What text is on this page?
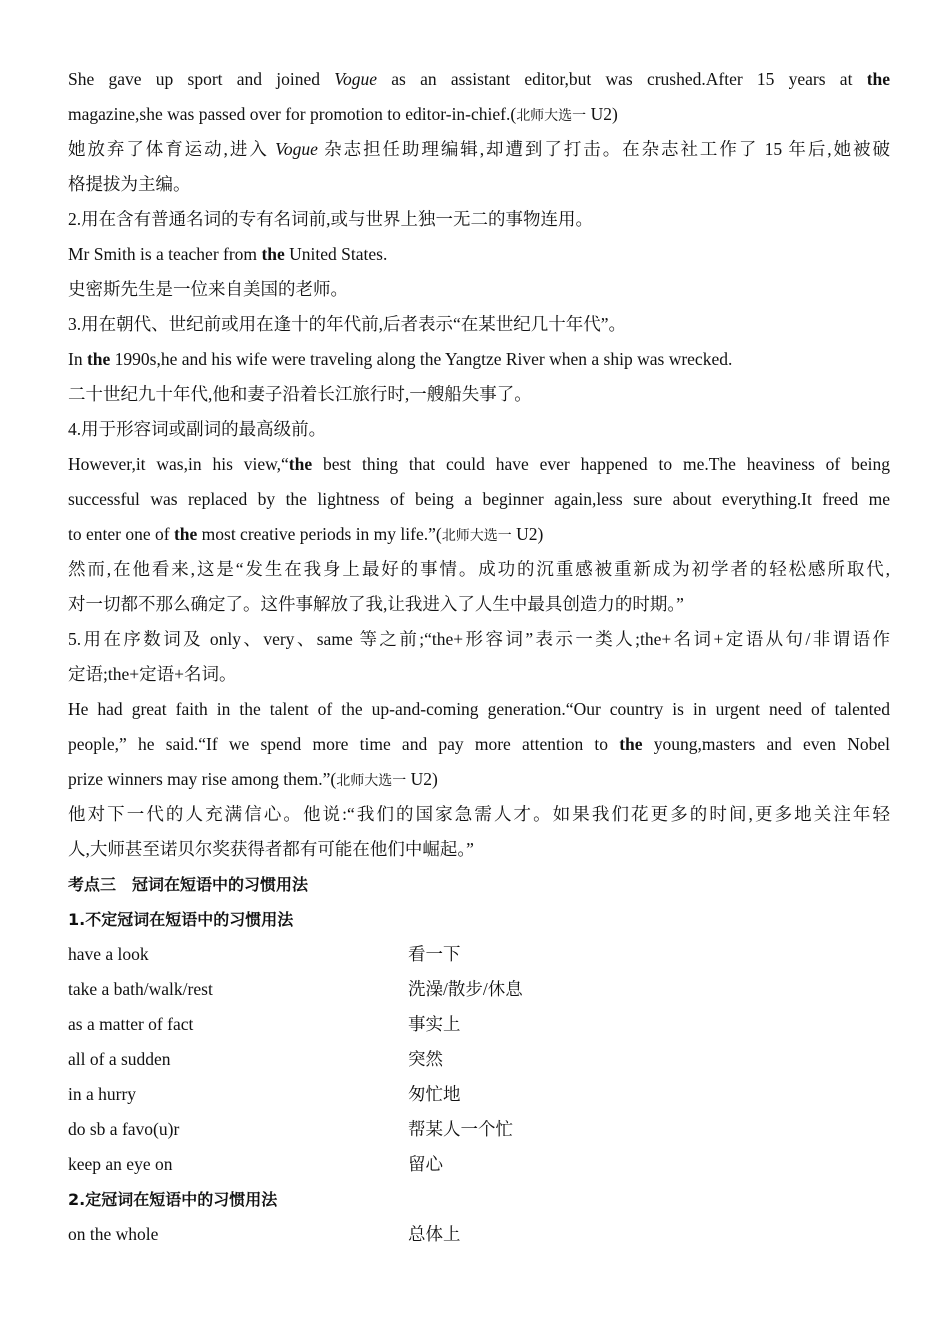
She gave up sport and joined Vogue as an assistant editor,but was crushed.After 15 years at the
magazine,she was passed over for promotion to editor-in-chief.(北师大选一 U2)
她放弃了体育运动,进入 Vogue 杂志担任助理编辑,却遭到了打击。在杂志社工作了 15 年后,她被破
格提拔为主编。
2.用在含有普通名词的专有名词前,或与世界上独一无二的事物连用。
Mr Smith is a teacher from the United States.
史密斯先生是一位来自美国的老师。
3.用在朝代、世纪前或用在逢十的年代前,后者表示“在某世纪几十年代”。
In the 1990s,he and his wife were traveling along the Yangtze River when a ship was wrecked.
二十世纪九十年代,他和妻子沿着长江旅行时,一艘船失事了。
4.用于形容词或副词的最高级前。
However,it was,in his view,“the best thing that could have ever happened to me.The heaviness of being
successful was replaced by the lightness of being a beginner again,less sure about everything.It freed me
to enter one of the most creative periods in my life.”(北师大选一 U2)
然而,在他看来,这是“发生在我身上最好的事情。成功的沉重感被重新成为初学者的轻松感所取代,
对一切都不那么确定了。这件事解放了我,让我进入了人生中最具创造力的时期。”
5.用在序数词及 only、very、same 等之前;“the+形容词”表示一类人;the+名词+定语从句/非谓语作
定语;the+定语+名词。
He had great faith in the talent of the up-and-coming generation.“Our country is in urgent need of talented
people,” he said.“If we spend more time and pay more attention to the young,masters and even Nobel
prize winners may rise among them.”(北师大选一 U2)
他对下一代的人充满信心。他说:“我们的国家急需人才。如果我们花更多的时间,更多地关注年轻
人,大师甚至诺贝尔奖获得者都有可能在他们中崛起。”
考点三　冠词在短语中的习惯用法
1.不定冠词在短语中的习惯用法
have a look	看一下
take a bath/walk/rest	洗澡/散步/休息
as a matter of fact	事实上
all of a sudden	突然
in a hurry	匆忙地
do sb a favo(u)r	帮某人一个忙
keep an eye on	留心
2.定冠词在短语中的习惯用法
on the whole	总体上
